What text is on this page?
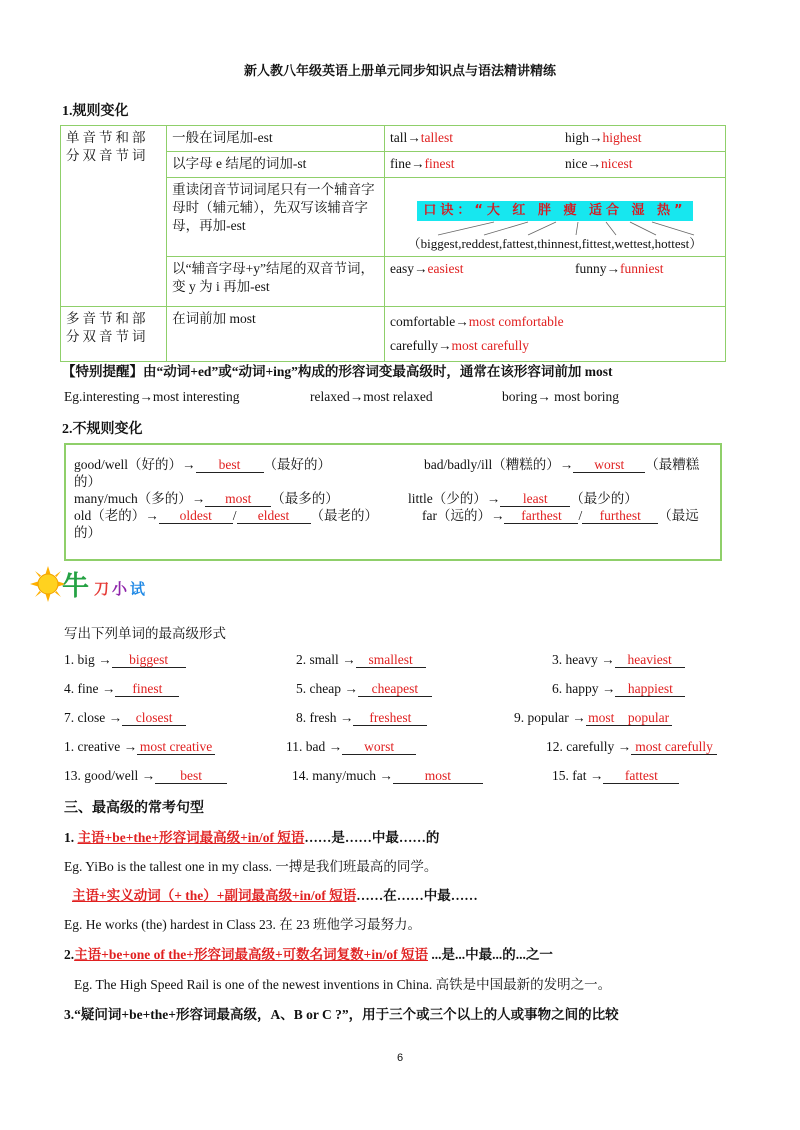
新人教八年级英语上册单元同步知识点与语法精讲精练
1.规则变化
单音节和部分双音节词	一般在词尾加-est	tall→tallest high→highest

	以字母 e 结尾的词加-st	fine→finest nice→nicest

	重读闭音节词词尾只有一个辅音字母时（辅元辅），先双写该辅音字母，再加-est	口诀：“大 红 胖 瘦 适合 湿 热”
（biggest,reddest,fattest,thinnest,fittest,wettest,hottest）

	以“辅音字母+y”结尾的双音节词，变 y 为 i 再加-est	easy→easiest funny→funniest

多音节和部分双音节词	在词前加 most	comfortable→most comfortable
carefully→most carefully
【特别提醒】由“动词+ed”或“动词+ing”构成的形容词变最高级时，通常在该形容词前加 most
Eg.interesting→most interesting	relaxed→most relaxed	boring→ most boring
2.不规则变化
good/well（好的）→ best （最好的）	bad/badly/ill（糟糕的）→ worst （最糟糕
的）
many/much（多的）→ most （最多的）	little（少的）→ least （最少的）
old（老的）→ oldest / eldest （最老的）	far（远的）→ farthest / furthest （最远
的）
牛 刀 小 试
写出下列单词的最高级形式
1. big → biggest	2. small → smallest	3. heavy → heaviest
4. fine → finest	5. cheap → cheapest	6. happy → happiest
7. close → closest	8. fresh → freshest	9. popular → most    popular
1. creative → most creative	11. bad → worst	12. carefully → most carefully
13. good/well → best	14. many/much → most	15. fat → fattest
三、最高级的常考句型
1. 主语+be+the+形容词最高级+in/of 短语……是……中最……的
Eg. YiBo is the tallest one in my class. 一搏是我们班最高的同学。
主语+实义动词（+ the）+副词最高级+in/of 短语……在……中最……
Eg. He works (the) hardest in Class 23. 在 23 班他学习最努力。
2.主语+be+one of the+形容词最高级+可数名词复数+in/of 短语 ...是...中最...的...之一
Eg. The High Speed Rail is one of the newest inventions in China. 高铁是中国最新的发明之一。
3.“疑问词+be+the+形容词最高级，A、B or C ?”，用于三个或三个以上的人或事物之间的比较
6
